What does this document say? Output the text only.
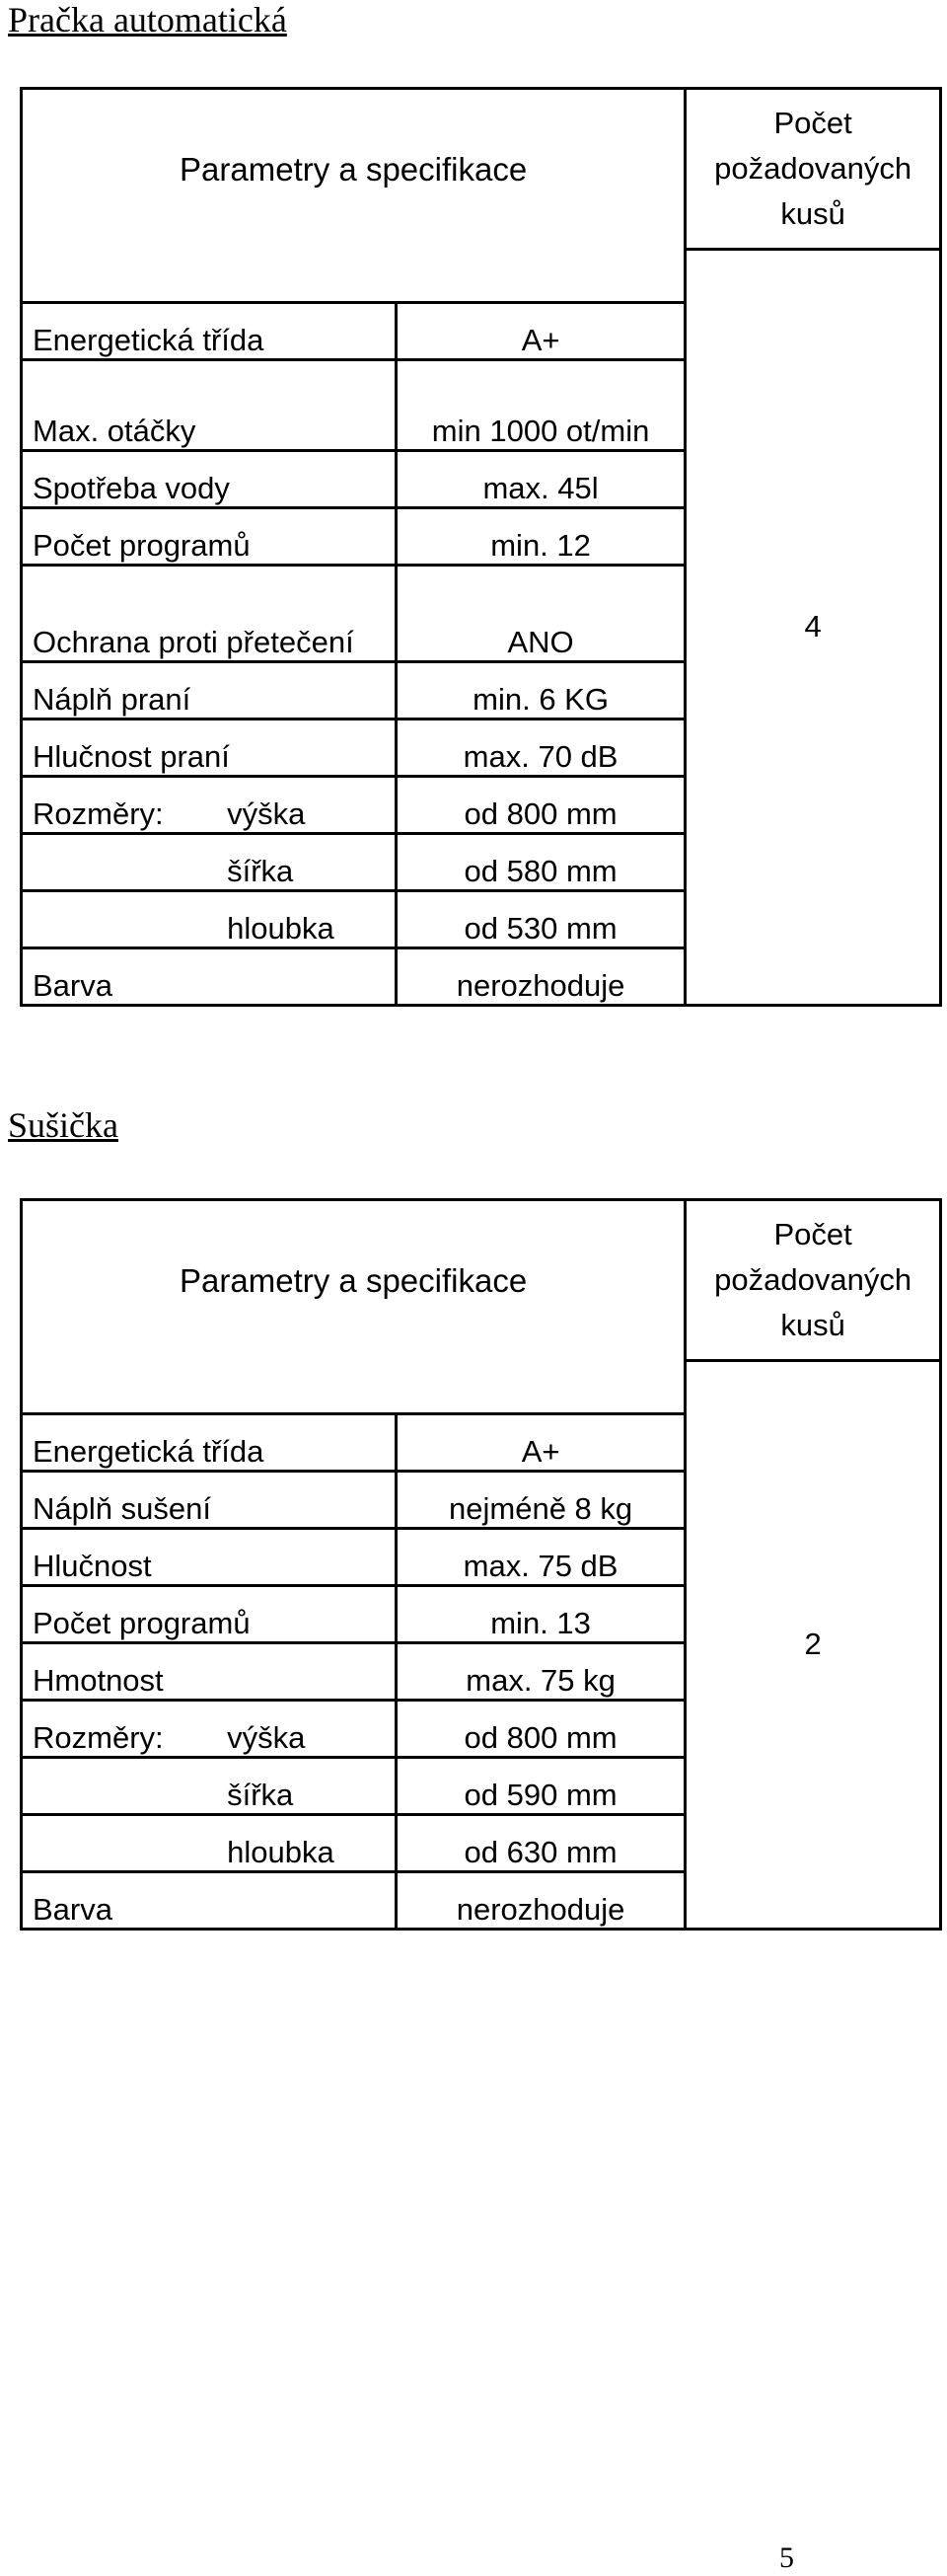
Pračka automatická
Parametry a specifikace			Počet požadovaných kusů
			4
Energetická třída		A+	
Max. otáčky		min 1000 ot/min	
Spotřeba vody		max. 45l	
Počet programů		min. 12	
Ochrana proti přetečení		ANO	
Náplň praní		min. 6 KG	
Hlučnost praní		max. 70 dB	
Rozměry:	výška	od 800 mm	
	šířka	od 580 mm	
	hloubka	od 530 mm	
Barva		nerozhoduje	
Sušička
Parametry a specifikace			Počet požadovaných kusů
			2
Energetická třída		A+	
Náplň sušení		nejméně 8 kg	
Hlučnost		max. 75 dB	
Počet programů		min. 13	
Hmotnost		max. 75 kg	
Rozměry:	výška	od 800 mm	
	šířka	od 590 mm	
	hloubka	od 630 mm	
Barva		nerozhoduje	
5
